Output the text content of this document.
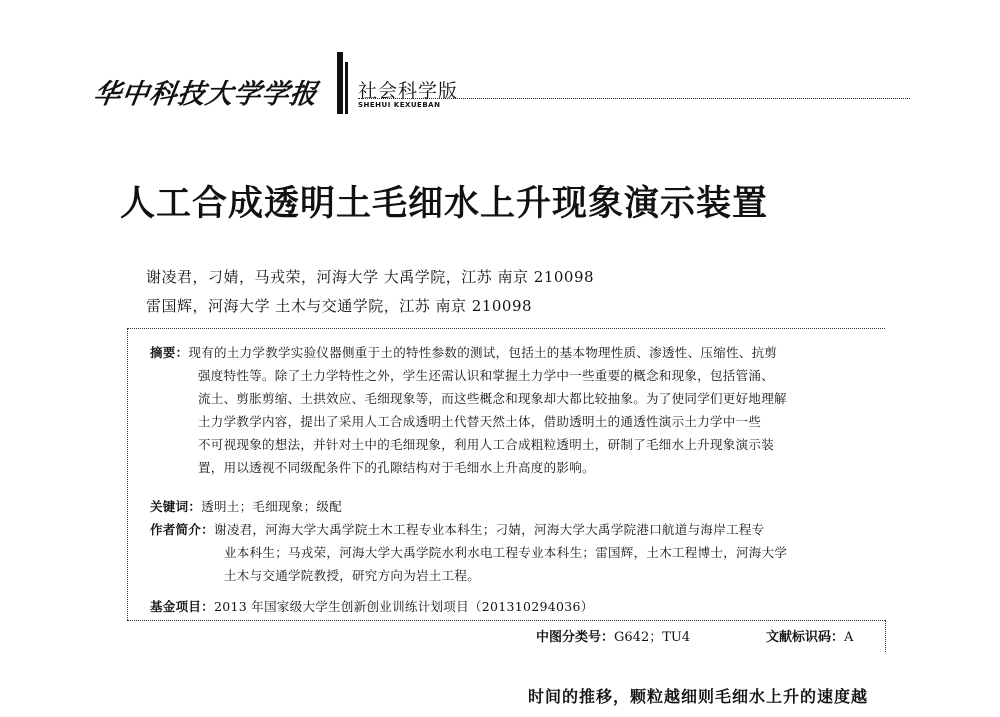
华中科技大学学报 社会科学版
SHEHUI KEXUEBAN
人工合成透明土毛细水上升现象演示装置
谢凌君，刁婧，马戎荣，河海大学 大禹学院，江苏 南京 210098
雷国辉，河海大学 土木与交通学院，江苏 南京 210098
摘要：现有的土力学教学实验仪器侧重于土的特性参数的测试，包括土的基本物理性质、渗透性、压缩性、抗剪
强度特性等。除了土力学特性之外，学生还需认识和掌握土力学中一些重要的概念和现象，包括管涌、
流土、剪胀剪缩、土拱效应、毛细现象等，而这些概念和现象却大都比较抽象。为了使同学们更好地理解
土力学教学内容，提出了采用人工合成透明土代替天然土体，借助透明土的通透性演示土力学中一些
不可视现象的想法，并针对土中的毛细现象，利用人工合成粗粒透明土，研制了毛细水上升现象演示装
置，用以透视不同级配条件下的孔隙结构对于毛细水上升高度的影响。
关键词：透明土；毛细现象；级配
作者简介：谢凌君，河海大学大禹学院土木工程专业本科生；刁婧，河海大学大禹学院港口航道与海岸工程专
业本科生；马戎荣，河海大学大禹学院水利水电工程专业本科生；雷国辉，土木工程博士，河海大学
土木与交通学院教授，研究方向为岩土工程。
基金项目：2013 年国家级大学生创新创业训练计划项目（201310294036）
中图分类号：G642；TU4	文献标识码：A
时间的推移，颗粒越细则毛细水上升的速度越
